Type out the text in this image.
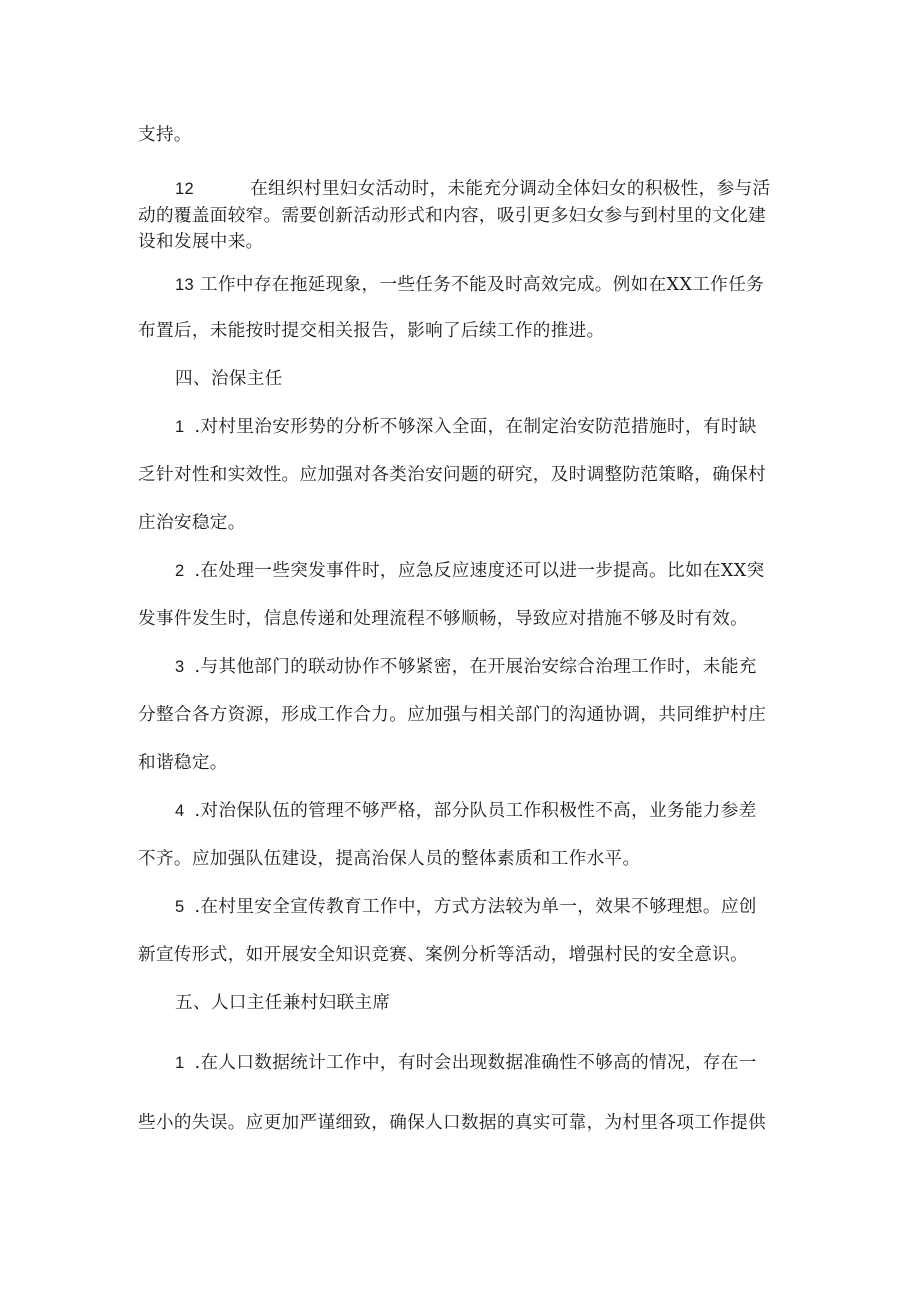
支持。

12	在组织村里妇女活动时，未能充分调动全体妇女的积极性，参与活

动的覆盖面较窄。需要创新活动形式和内容，吸引更多妇女参与到村里的文化建

设和发展中来。

13 工作中存在拖延现象，一些任务不能及时高效完成。例如在XX工作任务

布置后，未能按时提交相关报告，影响了后续工作的推进。

四、治保主任

1 .对村里治安形势的分析不够深入全面，在制定治安防范措施时，有时缺

乏针对性和实效性。应加强对各类治安问题的研究，及时调整防范策略，确保村

庄治安稳定。

2 .在处理一些突发事件时，应急反应速度还可以进一步提高。比如在XX突

发事件发生时，信息传递和处理流程不够顺畅，导致应对措施不够及时有效。

3 .与其他部门的联动协作不够紧密，在开展治安综合治理工作时，未能充

分整合各方资源，形成工作合力。应加强与相关部门的沟通协调，共同维护村庄

和谐稳定。

4 .对治保队伍的管理不够严格，部分队员工作积极性不高，业务能力参差

不齐。应加强队伍建设，提高治保人员的整体素质和工作水平。

5 .在村里安全宣传教育工作中，方式方法较为单一，效果不够理想。应创

新宣传形式，如开展安全知识竞赛、案例分析等活动，增强村民的安全意识。

五、人口主任兼村妇联主席

1 .在人口数据统计工作中，有时会出现数据准确性不够高的情况，存在一

些小的失误。应更加严谨细致，确保人口数据的真实可靠，为村里各项工作提供
